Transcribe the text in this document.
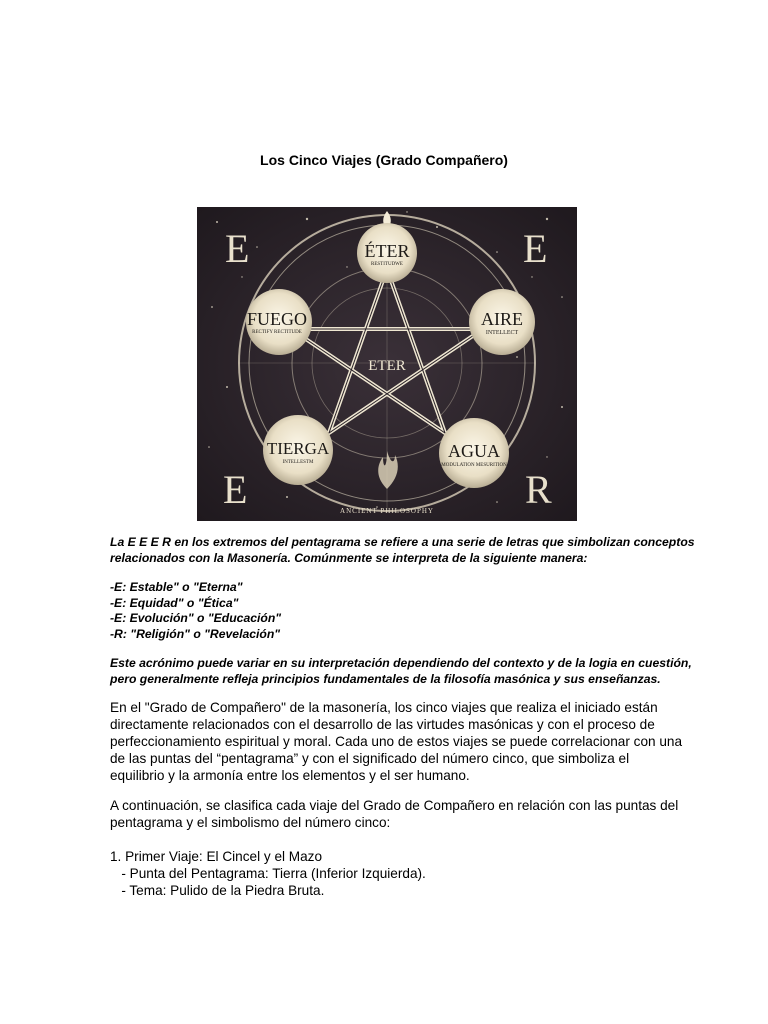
Los Cinco Viajes (Grado Compañero)
E	E
E	R
ÉTER
RESTITUDWE
FUEGO
RECTIFY RECTITUDE
AIRE
INTELLECT
TIERGA
INTELLESTM
AGUA
MODULATION MESURITION
ETER
ANCIENT PHILOSOPHY
La E E E R en los extremos del pentagrama se refiere a una serie de letras que simbolizan conceptos
relacionados con la Masonería. Comúnmente se interpreta de la siguiente manera:
-E: Estable" o "Eterna"
-E: Equidad" o "Ética"
-E: Evolución" o "Educación"
-R: "Religión" o "Revelación"
Este acrónimo puede variar en su interpretación dependiendo del contexto y de la logia en cuestión,
pero generalmente refleja principios fundamentales de la filosofía masónica y sus enseñanzas.
En el "Grado de Compañero" de la masonería, los cinco viajes que realiza el iniciado están
directamente relacionados con el desarrollo de las virtudes masónicas y con el proceso de
perfeccionamiento espiritual y moral. Cada uno de estos viajes se puede correlacionar con una
de las puntas del “pentagrama” y con el significado del número cinco, que simboliza el
equilibrio y la armonía entre los elementos y el ser humano.
A continuación, se clasifica cada viaje del Grado de Compañero en relación con las puntas del
pentagrama y el simbolismo del número cinco:
1. Primer Viaje: El Cincel y el Mazo
- Punta del Pentagrama: Tierra (Inferior Izquierda).
- Tema: Pulido de la Piedra Bruta.
